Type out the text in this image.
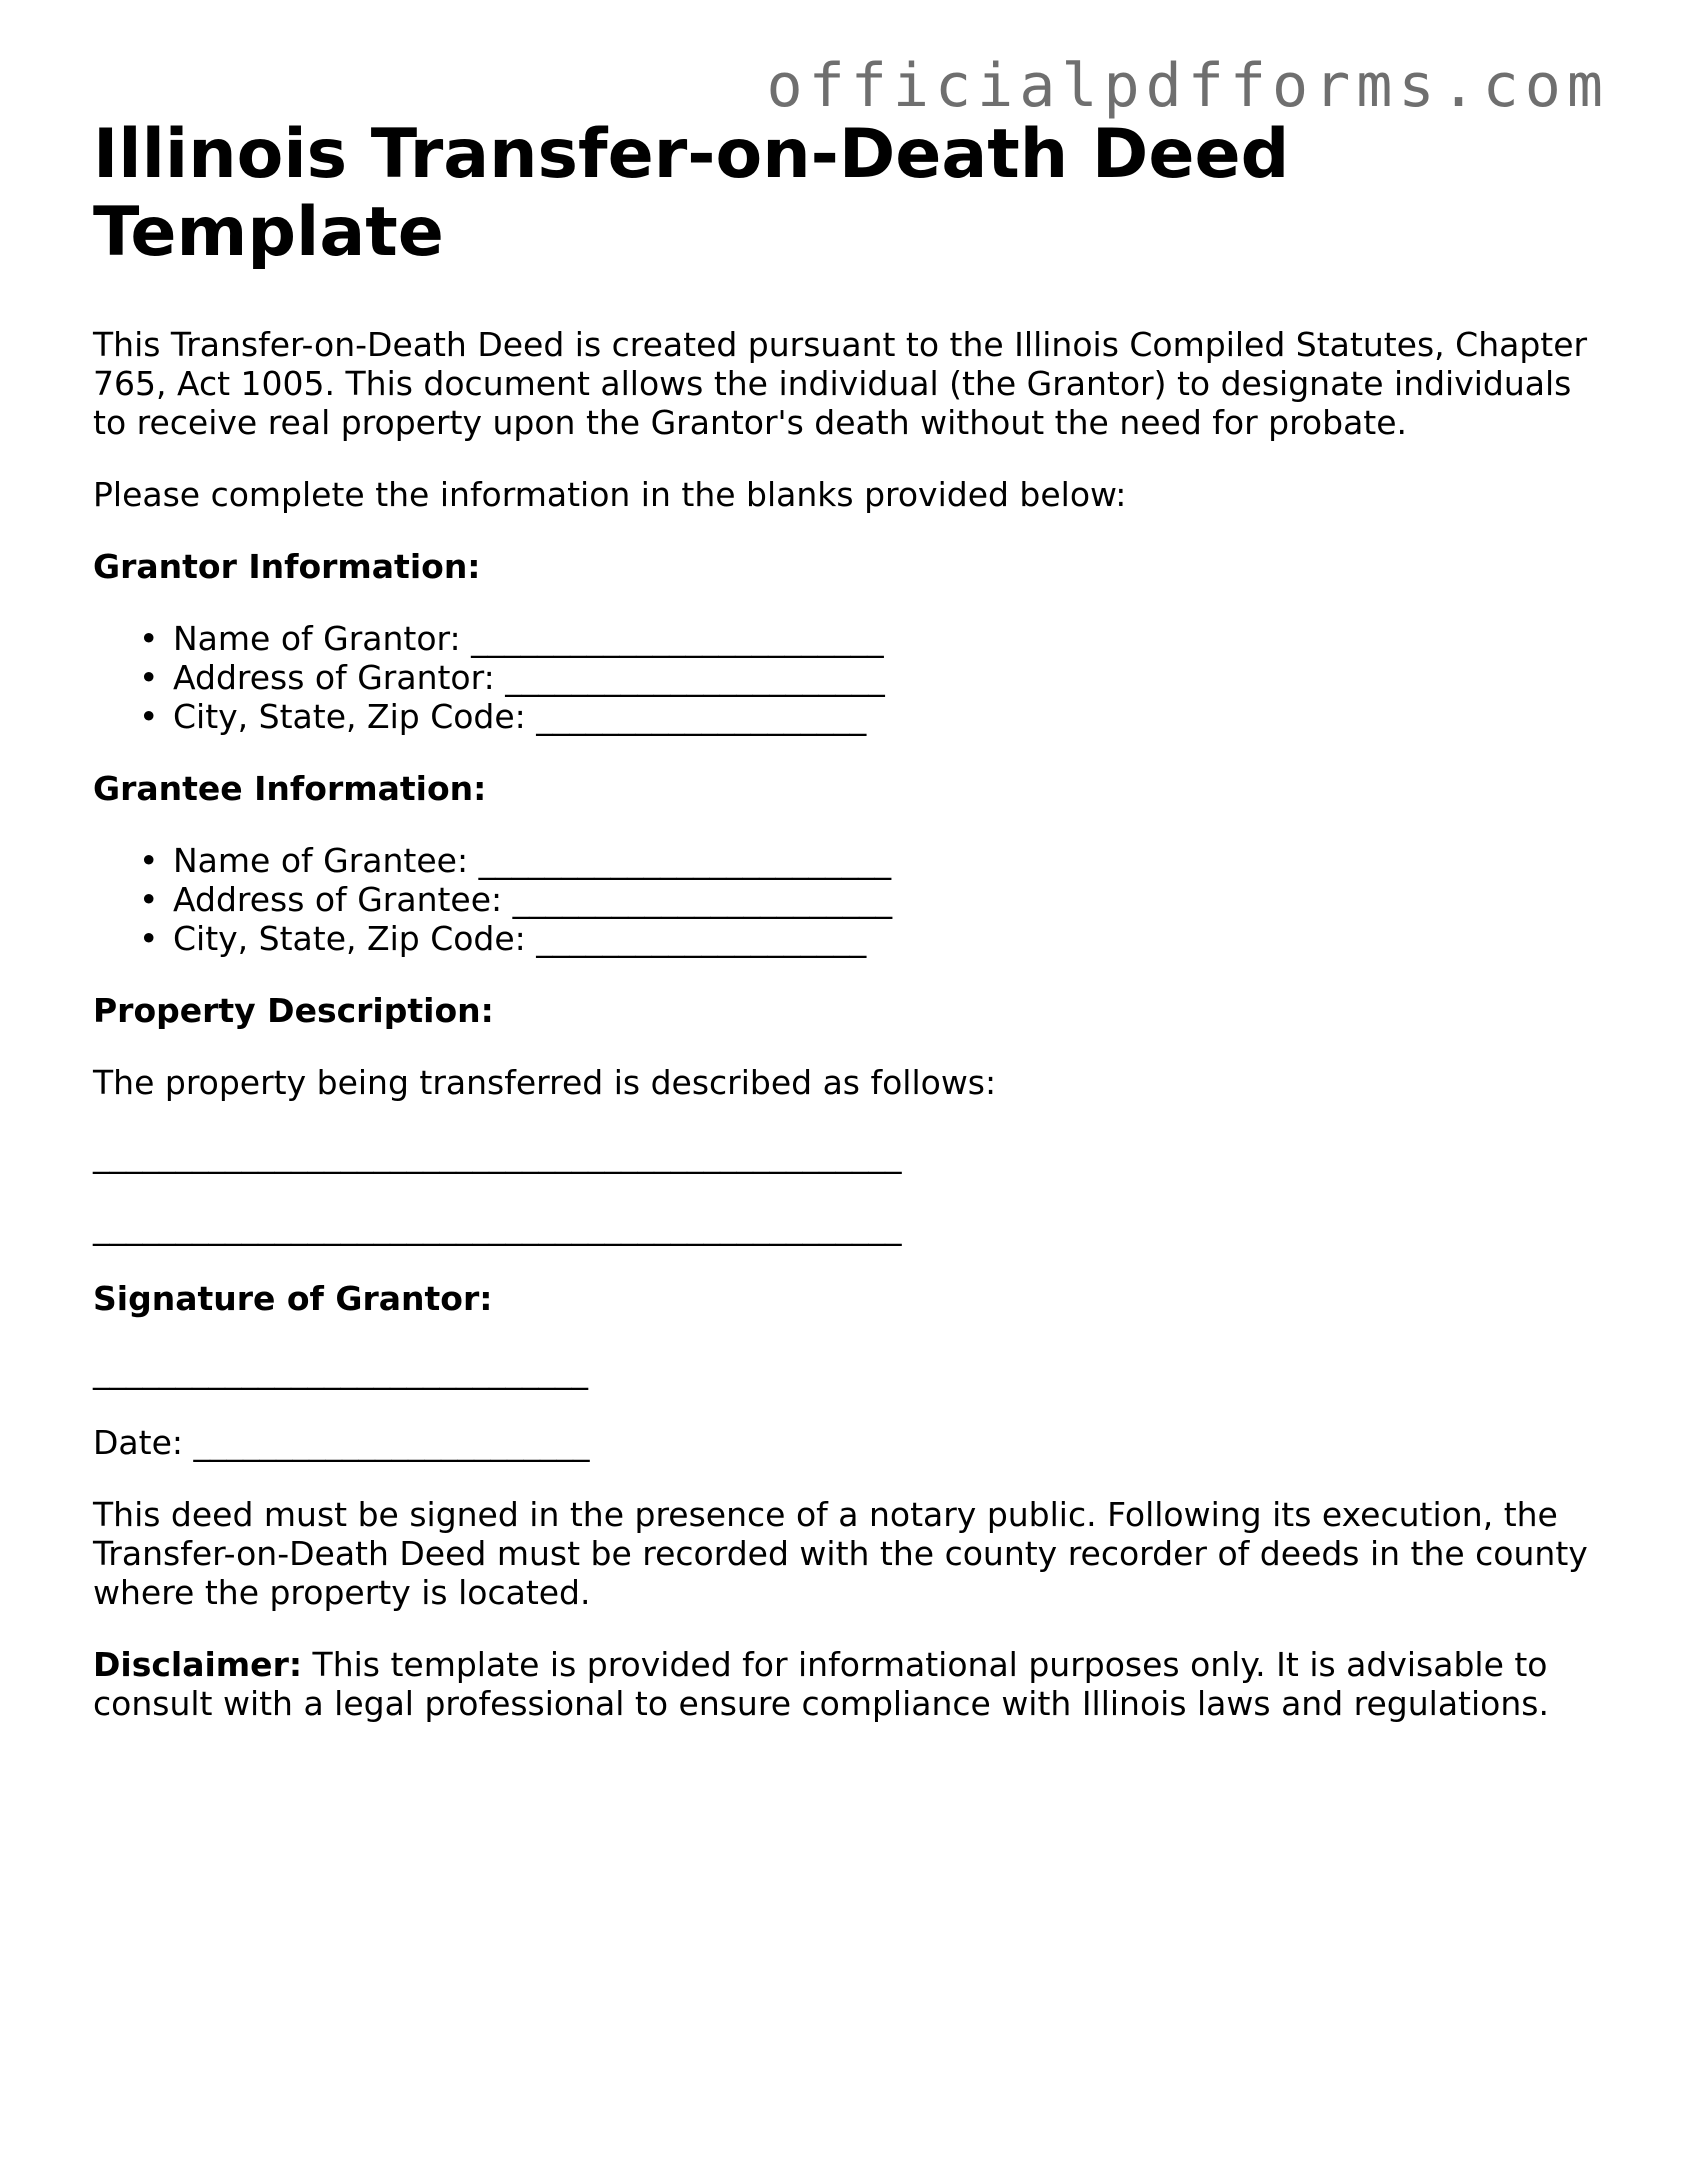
officialpdfforms.com
Illinois Transfer-on-Death Deed
Template

This Transfer-on-Death Deed is created pursuant to the Illinois Compiled Statutes, Chapter 765, Act 1005. This document allows the individual (the Grantor) to designate individuals to receive real property upon the Grantor's death without the need for probate.

Please complete the information in the blanks provided below:

Grantor Information:

• Name of Grantor: _________________________
• Address of Grantor: _______________________
• City, State, Zip Code: ____________________

Grantee Information:

• Name of Grantee: _________________________
• Address of Grantee: _______________________
• City, State, Zip Code: ____________________

Property Description:

The property being transferred is described as follows:

_________________________________________________
_________________________________________________

Signature of Grantor:

______________________________

Date: ________________________

This deed must be signed in the presence of a notary public. Following its execution, the Transfer-on-Death Deed must be recorded with the county recorder of deeds in the county where the property is located.

Disclaimer: This template is provided for informational purposes only. It is advisable to consult with a legal professional to ensure compliance with Illinois laws and regulations.
